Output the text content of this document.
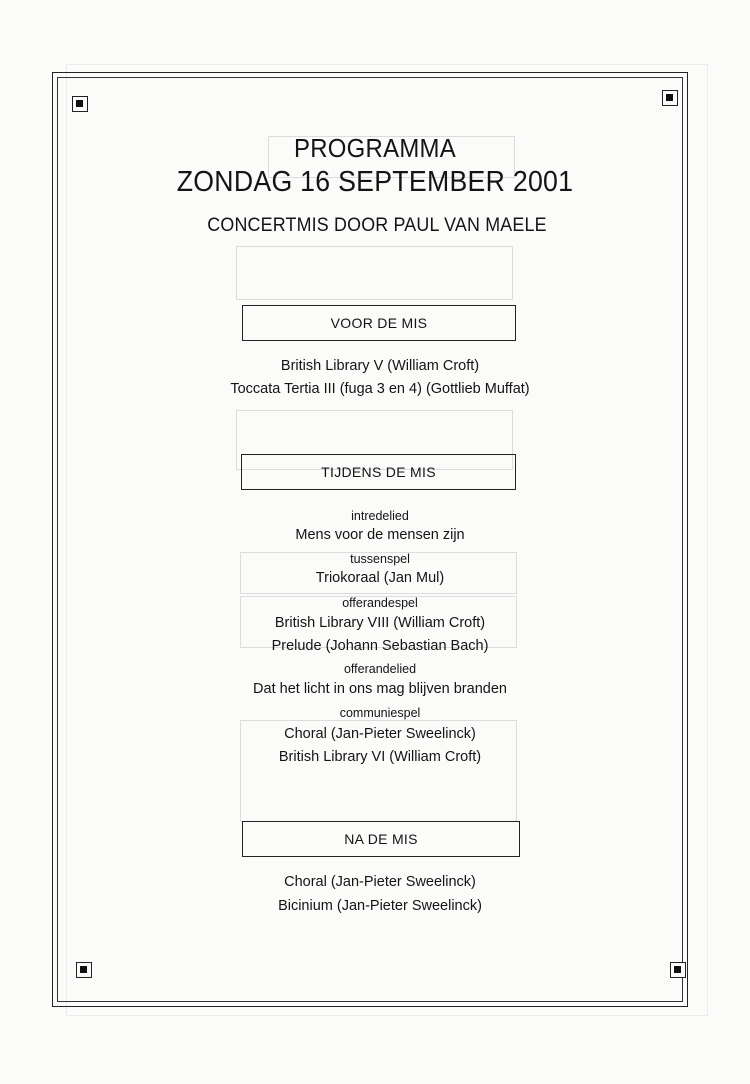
PROGRAMMA
ZONDAG 16 SEPTEMBER 2001
CONCERTMIS DOOR PAUL VAN MAELE
VOOR DE MIS
British Library V (William Croft)
Toccata Tertia III (fuga 3 en 4) (Gottlieb Muffat)
TIJDENS DE MIS
intredelied
Mens voor de mensen zijn
tussenspel
Triokoraal (Jan Mul)
offerandespel
British Library VIII (William Croft)
Prelude (Johann Sebastian Bach)
offerandelied
Dat het licht in ons mag blijven branden
communiespel
Choral (Jan-Pieter Sweelinck)
British Library VI (William Croft)
NA DE MIS
Choral (Jan-Pieter Sweelinck)
Bicinium (Jan-Pieter Sweelinck)
